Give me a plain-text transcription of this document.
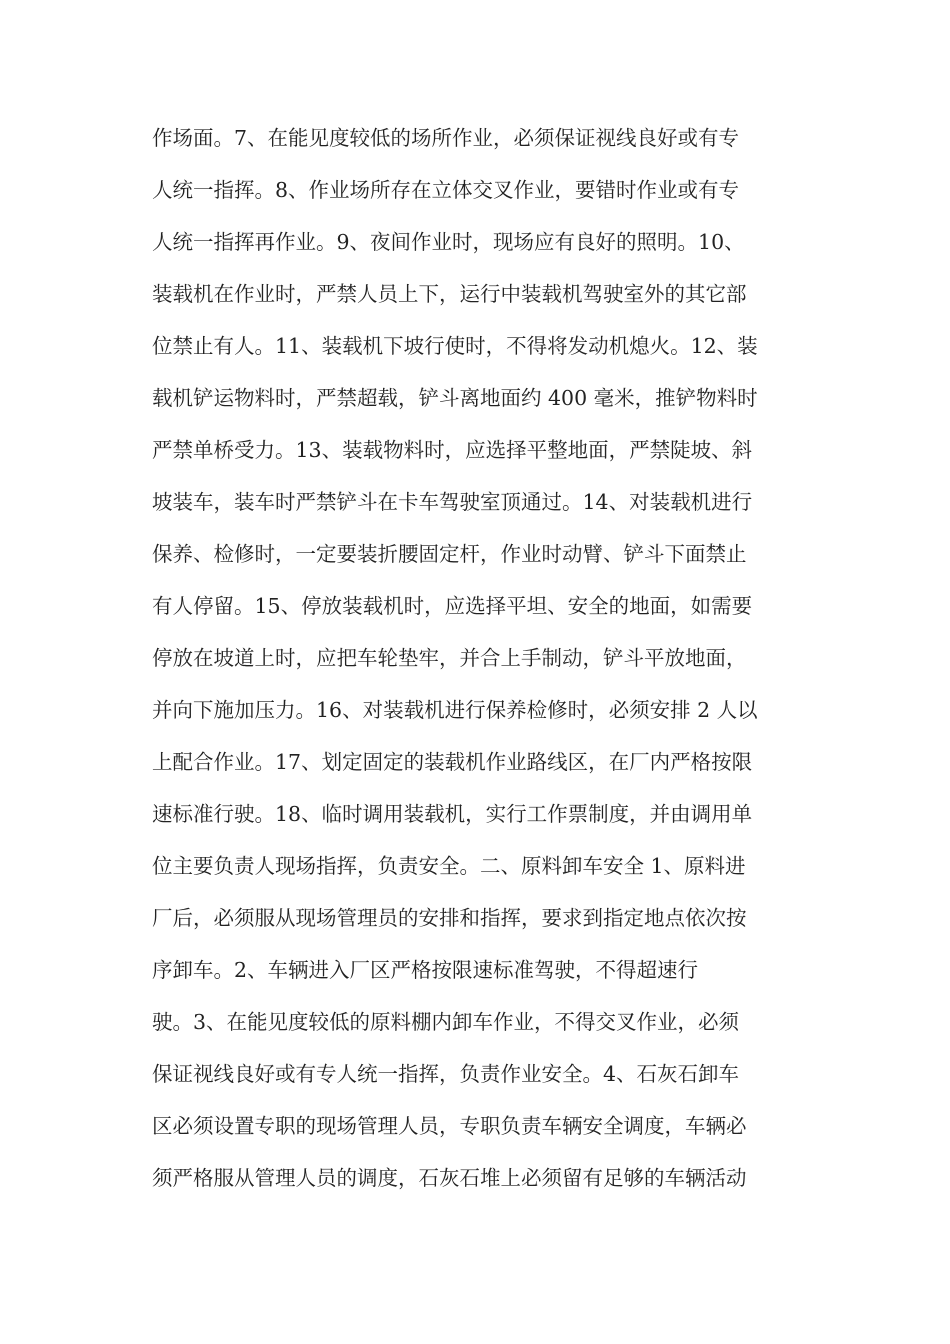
作场面。7、在能见度较低的场所作业，必须保证视线良好或有专
人统一指挥。8、作业场所存在立体交叉作业，要错时作业或有专
人统一指挥再作业。9、夜间作业时，现场应有良好的照明。10、
装载机在作业时，严禁人员上下，运行中装载机驾驶室外的其它部
位禁止有人。11、装载机下坡行使时，不得将发动机熄火。12、装
载机铲运物料时，严禁超载，铲斗离地面约 400 毫米，推铲物料时
严禁单桥受力。13、装载物料时，应选择平整地面，严禁陡坡、斜
坡装车，装车时严禁铲斗在卡车驾驶室顶通过。14、对装载机进行
保养、检修时，一定要装折腰固定杆，作业时动臂、铲斗下面禁止
有人停留。15、停放装载机时，应选择平坦、安全的地面，如需要
停放在坡道上时，应把车轮垫牢，并合上手制动，铲斗平放地面，
并向下施加压力。16、对装载机进行保养检修时，必须安排 2 人以
上配合作业。17、划定固定的装载机作业路线区，在厂内严格按限
速标准行驶。18、临时调用装载机，实行工作票制度，并由调用单
位主要负责人现场指挥，负责安全。二、原料卸车安全 1、原料进
厂后，必须服从现场管理员的安排和指挥，要求到指定地点依次按
序卸车。2、车辆进入厂区严格按限速标准驾驶，不得超速行
驶。3、在能见度较低的原料棚内卸车作业，不得交叉作业，必须
保证视线良好或有专人统一指挥，负责作业安全。4、石灰石卸车
区必须设置专职的现场管理人员，专职负责车辆安全调度，车辆必
须严格服从管理人员的调度，石灰石堆上必须留有足够的车辆活动
